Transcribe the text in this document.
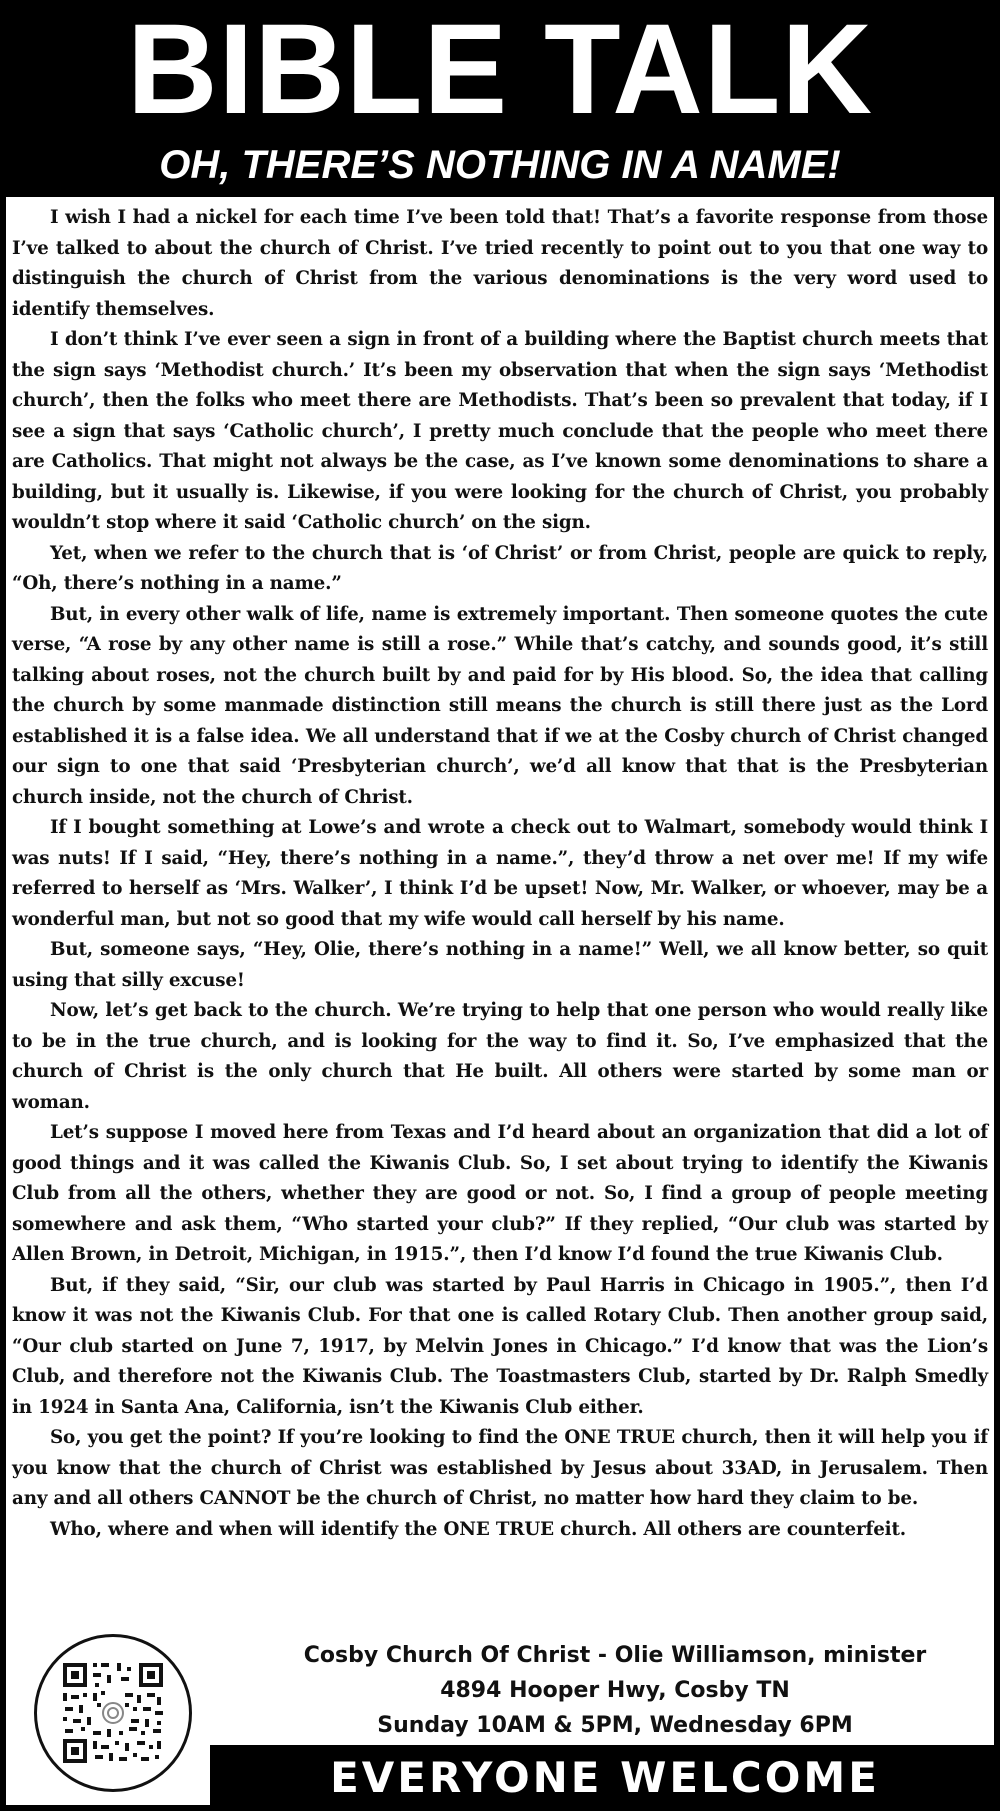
BIBLE TALK
OH, THERE’S NOTHING IN A NAME!

I wish I had a nickel for each time I’ve been told that! That’s a favorite response from those I’ve talked to about the church of Christ. I’ve tried recently to point out to you that one way to distinguish the church of Christ from the various denominations is the very word used to identify themselves.

I don’t think I’ve ever seen a sign in front of a building where the Baptist church meets that the sign says ‘Methodist church.’ It’s been my observation that when the sign says ‘Methodist church’, then the folks who meet there are Methodists. That’s been so prevalent that today, if I see a sign that says ‘Catholic church’, I pretty much conclude that the people who meet there are Catholics. That might not always be the case, as I’ve known some denominations to share a building, but it usually is. Likewise, if you were looking for the church of Christ, you probably wouldn’t stop where it said ‘Catholic church’ on the sign.

Yet, when we refer to the church that is ‘of Christ’ or from Christ, people are quick to reply, “Oh, there’s nothing in a name.”

But, in every other walk of life, name is extremely important. Then someone quotes the cute verse, “A rose by any other name is still a rose.” While that’s catchy, and sounds good, it’s still talking about roses, not the church built by and paid for by His blood. So, the idea that calling the church by some manmade distinction still means the church is still there just as the Lord established it is a false idea. We all understand that if we at the Cosby church of Christ changed our sign to one that said ‘Presbyterian church’, we’d all know that that is the Presbyterian church inside, not the church of Christ.

If I bought something at Lowe’s and wrote a check out to Walmart, somebody would think I was nuts! If I said, “Hey, there’s nothing in a name.”, they’d throw a net over me! If my wife referred to herself as ‘Mrs. Walker’, I think I’d be upset! Now, Mr. Walker, or whoever, may be a wonderful man, but not so good that my wife would call herself by his name.

But, someone says, “Hey, Olie, there’s nothing in a name!” Well, we all know better, so quit using that silly excuse!

Now, let’s get back to the church. We’re trying to help that one person who would really like to be in the true church, and is looking for the way to find it. So, I’ve emphasized that the church of Christ is the only church that He built. All others were started by some man or woman.

Let’s suppose I moved here from Texas and I’d heard about an organization that did a lot of good things and it was called the Kiwanis Club. So, I set about trying to identify the Kiwanis Club from all the others, whether they are good or not. So, I find a group of people meeting somewhere and ask them, “Who started your club?” If they replied, “Our club was started by Allen Brown, in Detroit, Michigan, in 1915.”, then I’d know I’d found the true Kiwanis Club.

But, if they said, “Sir, our club was started by Paul Harris in Chicago in 1905.”, then I’d know it was not the Kiwanis Club. For that one is called Rotary Club. Then another group said, “Our club started on June 7, 1917, by Melvin Jones in Chicago.” I’d know that was the Lion’s Club, and therefore not the Kiwanis Club. The Toastmasters Club, started by Dr. Ralph Smedly in 1924 in Santa Ana, California, isn’t the Kiwanis Club either.

So, you get the point? If you’re looking to find the ONE TRUE church, then it will help you if you know that the church of Christ was established by Jesus about 33AD, in Jerusalem. Then any and all others CANNOT be the church of Christ, no matter how hard they claim to be.

Who, where and when will identify the ONE TRUE church. All others are counterfeit.

Cosby Church Of Christ - Olie Williamson, minister
4894 Hooper Hwy, Cosby TN
Sunday 10AM & 5PM, Wednesday 6PM
EVERYONE WELCOME
